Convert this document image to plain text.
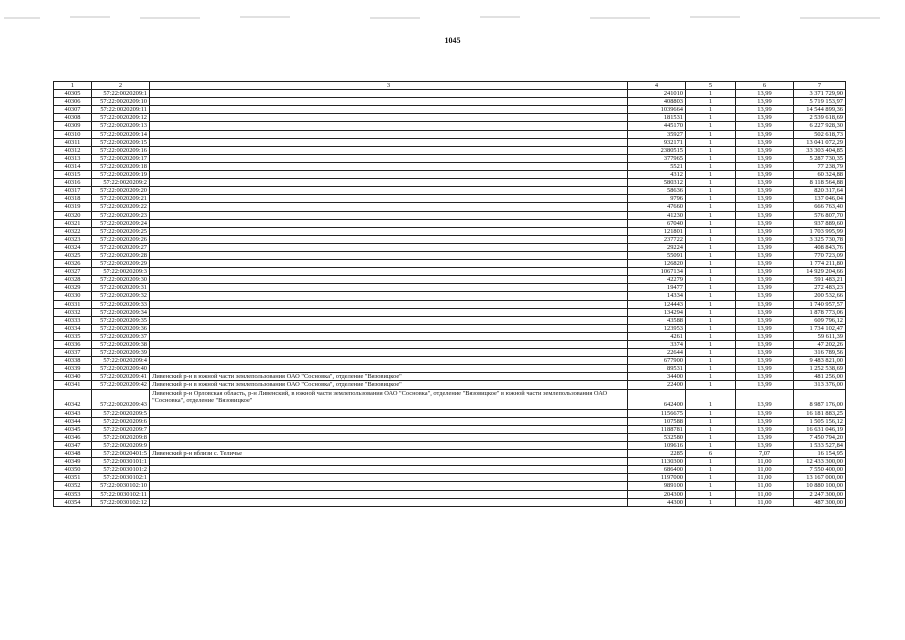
1045
1	2	3	4	5	6	7
40305	57:22:0020209:1		241010	1	13,99	3 371 729,90
40306	57:22:0020209:10		408803	1	13,99	5 719 153,97
40307	57:22:0020209:11		1039664	1	13,99	14 544 899,36
40308	57:22:0020209:12		181531	1	13,99	2 539 618,69
40309	57:22:0020209:13		445170	1	13,99	6 227 928,30
40310	57:22:0020209:14		35927	1	13,99	502 618,73
40311	57:22:0020209:15		932171	1	13,99	13 041 072,29
40312	57:22:0020209:16		2380515	1	13,99	33 303 404,85
40313	57:22:0020209:17		377965	1	13,99	5 287 730,35
40314	57:22:0020209:18		5521	1	13,99	77 238,79
40315	57:22:0020209:19		4312	1	13,99	60 324,88
40316	57:22:0020209:2		580312	1	13,99	8 118 564,88
40317	57:22:0020209:20		58636	1	13,99	820 317,64
40318	57:22:0020209:21		9796	1	13,99	137 046,04
40319	57:22:0020209:22		47660	1	13,99	666 763,40
40320	57:22:0020209:23		41230	1	13,99	576 807,70
40321	57:22:0020209:24		67040	1	13,99	937 889,60
40322	57:22:0020209:25		121801	1	13,99	1 703 995,99
40323	57:22:0020209:26		237722	1	13,99	3 325 730,78
40324	57:22:0020209:27		29224	1	13,99	408 843,76
40325	57:22:0020209:28		55091	1	13,99	770 723,09
40326	57:22:0020209:29		126820	1	13,99	1 774 211,80
40327	57:22:0020209:3		1067134	1	13,99	14 929 204,66
40328	57:22:0020209:30		42279	1	13,99	591 483,21
40329	57:22:0020209:31		19477	1	13,99	272 483,23
40330	57:22:0020209:32		14334	1	13,99	200 532,66
40331	57:22:0020209:33		124443	1	13,99	1 740 957,57
40332	57:22:0020209:34		134294	1	13,99	1 878 773,06
40333	57:22:0020209:35		43588	1	13,99	609 796,12
40334	57:22:0020209:36		123953	1	13,99	1 734 102,47
40335	57:22:0020209:37		4261	1	13,99	59 611,39
40336	57:22:0020209:38		3374	1	13,99	47 202,26
40337	57:22:0020209:39		22644	1	13,99	316 789,56
40338	57:22:0020209:4		677900	1	13,99	9 483 821,00
40339	57:22:0020209:40		89531	1	13,99	1 252 538,69
40340	57:22:0020209:41	Ливенский р-н в южной части землепользования ОАО "Сосновка", отделение "Вязовицкое"	34400	1	13,99	481 256,00
40341	57:22:0020209:42	Ливенский р-н в южной части землепользования ОАО "Сосновка", отделение "Вязовицкое"	22400	1	13,99	313 376,00
40342	57:22:0020209:43	Ливенский р-н Орловская область, р-н Ливенский, в южной части землепользования ОАО "Сосновка", отделение "Вязовицкое" в южной части землепользования ОАО "Сосновка", отделение "Вязовицкое"	642400	1	13,99	8 987 176,00
40343	57:22:0020209:5		1156675	1	13,99	16 181 883,25
40344	57:22:0020209:6		107588	1	13,99	1 505 156,12
40345	57:22:0020209:7		1188781	1	13,99	16 631 046,19
40346	57:22:0020209:8		532580	1	13,99	7 450 794,20
40347	57:22:0020209:9		109616	1	13,99	1 533 527,84
40348	57:22:0020401:5	Ливенский р-н вблизи с. Теличье	2285	6	7,07	16 154,95
40349	57:22:0030101:1		1130300	1	11,00	12 433 300,00
40350	57:22:0030101:2		686400	1	11,00	7 550 400,00
40351	57:22:0030102:1		1197000	1	11,00	13 167 000,00
40352	57:22:0030102:10		989100	1	11,00	10 880 100,00
40353	57:22:0030102:11		204300	1	11,00	2 247 300,00
40354	57:22:0030102:12		44300	1	11,00	487 300,00
